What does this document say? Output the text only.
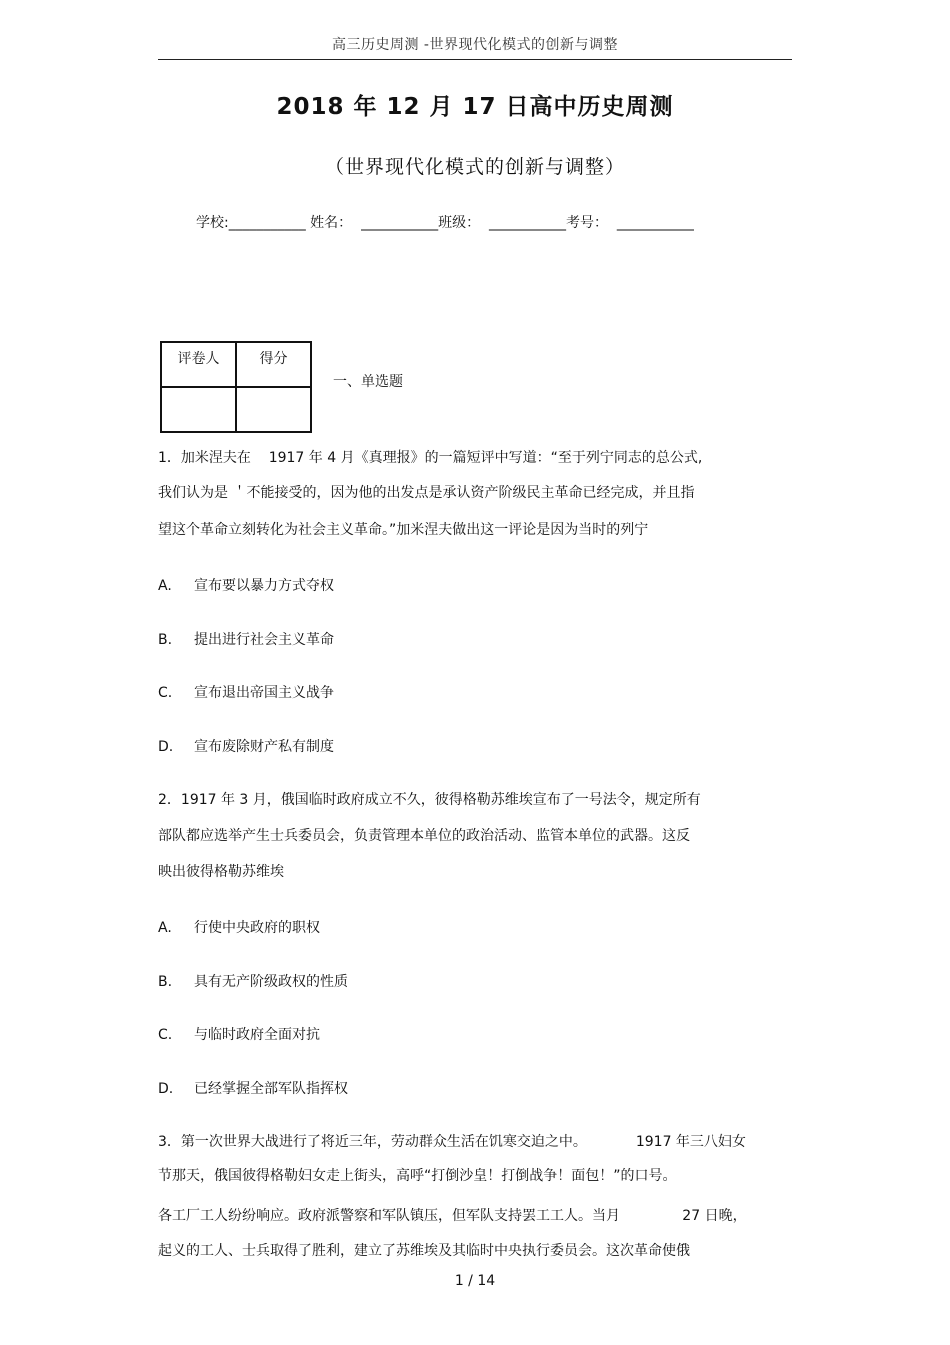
高三历史周测 -世界现代化模式的创新与调整
2018 年 12 月 17 日高中历史周测
（世界现代化模式的创新与调整）
学校:___________ 姓名：  ___________班级：  ___________考号：  ___________
评卷人	得分

一、单选题
1．加米涅夫在    1917 年 4 月《真理报》的一篇短评中写道：“至于列宁同志的总公式,
我们认为是 ＇不能接受的，因为他的出发点是承认资产阶级民主革命已经完成，并且指
望这个革命立刻转化为社会主义革命。”加米涅夫做出这一评论是因为当时的列宁
A. 宣布要以暴力方式夺权
B. 提出进行社会主义革命
C. 宣布退出帝国主义战争
D. 宣布废除财产私有制度
2．1917 年 3 月，俄国临时政府成立不久，彼得格勒苏维埃宣布了一号法令，规定所有
部队都应选举产生士兵委员会，负责管理本单位的政治活动、监管本单位的武器。这反
映出彼得格勒苏维埃
A. 行使中央政府的职权
B. 具有无产阶级政权的性质
C. 与临时政府全面对抗
D. 已经掌握全部军队指挥权
3．第一次世界大战进行了将近三年，劳动群众生活在饥寒交迫之中。           1917 年三八妇女
节那天，俄国彼得格勒妇女走上街头，高呼“打倒沙皇！打倒战争！面包！”的口号。
各工厂工人纷纷响应。政府派警察和军队镇压，但军队支持罢工工人。当月              27 日晚，
起义的工人、士兵取得了胜利，建立了苏维埃及其临时中央执行委员会。这次革命使俄
1 / 14
